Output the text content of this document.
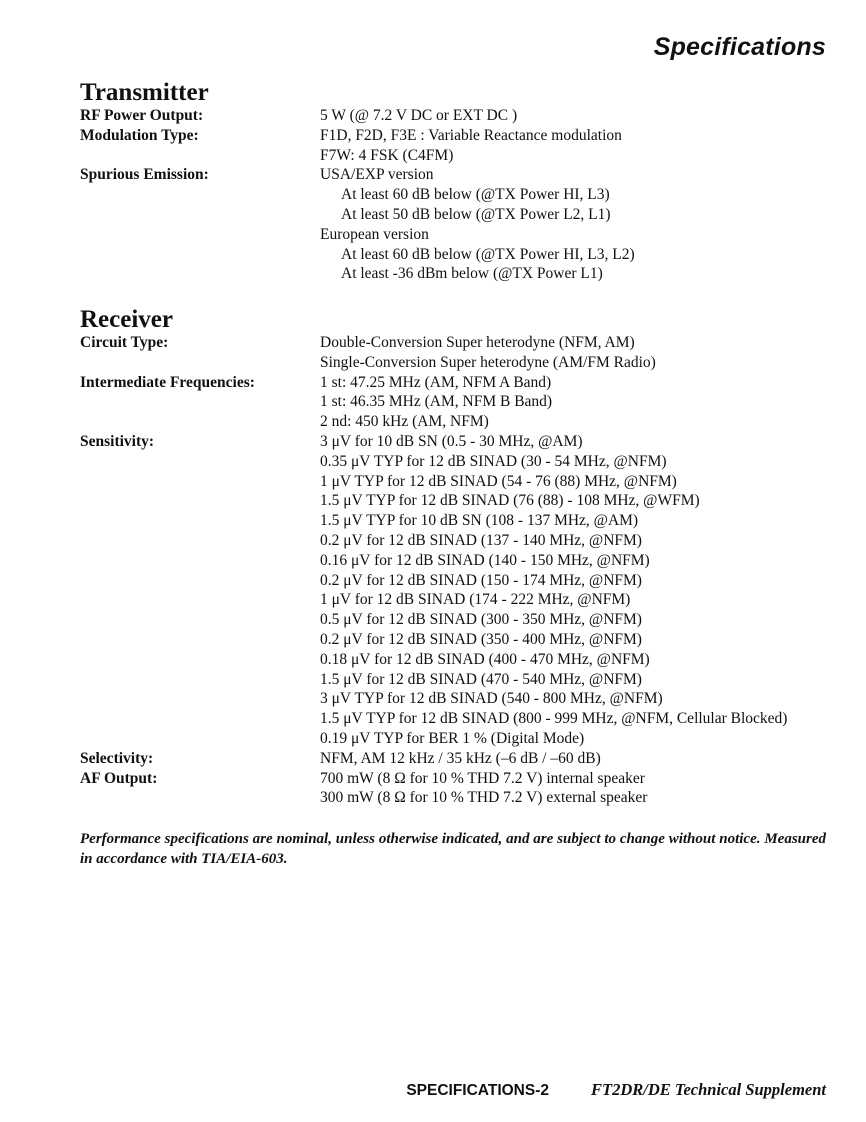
Specifications
Transmitter
RF Power Output:	5 W (@ 7.2 V DC or EXT DC )
Modulation Type:	F1D, F2D, F3E : Variable Reactance modulation
F7W: 4 FSK (C4FM)
Spurious Emission:	USA/EXP version
At least 60 dB below (@TX Power HI, L3)
At least 50 dB below (@TX Power L2, L1)
European version
At least 60 dB below (@TX Power HI, L3, L2)
At least -36 dBm below (@TX Power L1)
Receiver
Circuit Type:	Double-Conversion Super heterodyne (NFM, AM)
Single-Conversion Super heterodyne (AM/FM Radio)
Intermediate Frequencies:	1 st: 47.25 MHz (AM, NFM A Band)
1 st: 46.35 MHz (AM, NFM B Band)
2 nd: 450 kHz (AM, NFM)
Sensitivity:	3 μV for 10 dB SN (0.5 - 30 MHz, @AM)
0.35 μV TYP for 12 dB SINAD (30 - 54 MHz, @NFM)
1 μV TYP for 12 dB SINAD (54 - 76 (88) MHz, @NFM)
1.5 μV TYP for 12 dB SINAD (76 (88) - 108 MHz, @WFM)
1.5 μV TYP for 10 dB SN (108 - 137 MHz, @AM)
0.2 μV for 12 dB SINAD (137 - 140 MHz, @NFM)
0.16 μV for 12 dB SINAD (140 - 150 MHz, @NFM)
0.2 μV for 12 dB SINAD (150 - 174 MHz, @NFM)
1 μV for 12 dB SINAD (174 - 222 MHz, @NFM)
0.5 μV for 12 dB SINAD (300 - 350 MHz, @NFM)
0.2 μV for 12 dB SINAD (350 - 400 MHz, @NFM)
0.18 μV for 12 dB SINAD (400 - 470 MHz, @NFM)
1.5 μV for 12 dB SINAD (470 - 540 MHz, @NFM)
3 μV TYP for 12 dB SINAD (540 - 800 MHz, @NFM)
1.5 μV TYP for 12 dB SINAD (800 - 999 MHz, @NFM, Cellular Blocked)
0.19 μV TYP for BER 1 % (Digital Mode)
Selectivity:	NFM, AM 12 kHz / 35 kHz (–6 dB / –60 dB)
AF Output:	700 mW (8 Ω for 10 % THD 7.2 V) internal speaker
300 mW (8 Ω for 10 % THD 7.2 V) external speaker
Performance specifications are nominal, unless otherwise indicated, and are subject to change without notice. Measured in accordance with TIA/EIA-603.
SPECIFICATIONS-2	FT2DR/DE Technical Supplement
